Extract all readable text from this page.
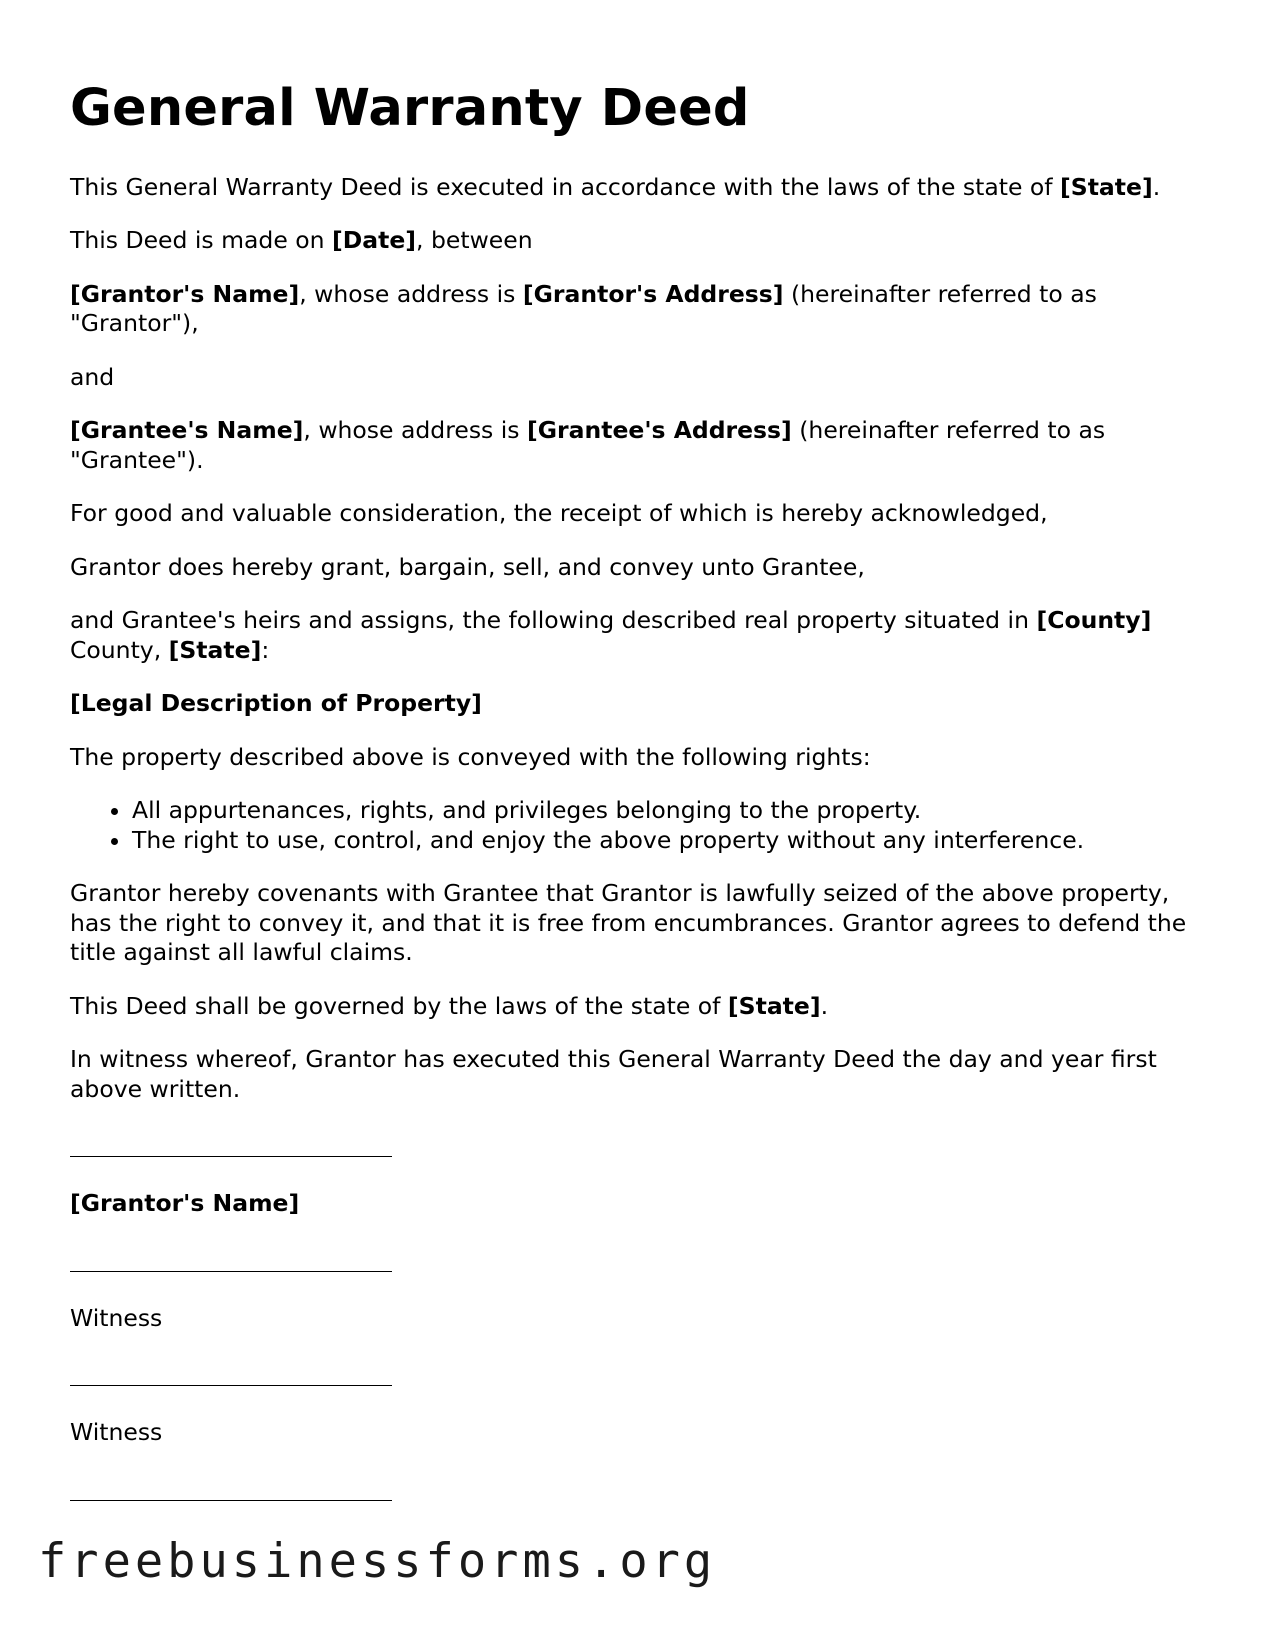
General Warranty Deed

This General Warranty Deed is executed in accordance with the laws of the state of [State].

This Deed is made on [Date], between

[Grantor's Name], whose address is [Grantor's Address] (hereinafter referred to as "Grantor"),

and

[Grantee's Name], whose address is [Grantee's Address] (hereinafter referred to as "Grantee").

For good and valuable consideration, the receipt of which is hereby acknowledged,

Grantor does hereby grant, bargain, sell, and convey unto Grantee,

and Grantee's heirs and assigns, the following described real property situated in [County] County, [State]:

[Legal Description of Property]

The property described above is conveyed with the following rights:

• All appurtenances, rights, and privileges belonging to the property.
• The right to use, control, and enjoy the above property without any interference.

Grantor hereby covenants with Grantee that Grantor is lawfully seized of the above property, has the right to convey it, and that it is free from encumbrances. Grantor agrees to defend the title against all lawful claims.

This Deed shall be governed by the laws of the state of [State].

In witness whereof, Grantor has executed this General Warranty Deed the day and year first above written.

[Grantor's Name]
Witness
Witness
freebusinessforms.org
